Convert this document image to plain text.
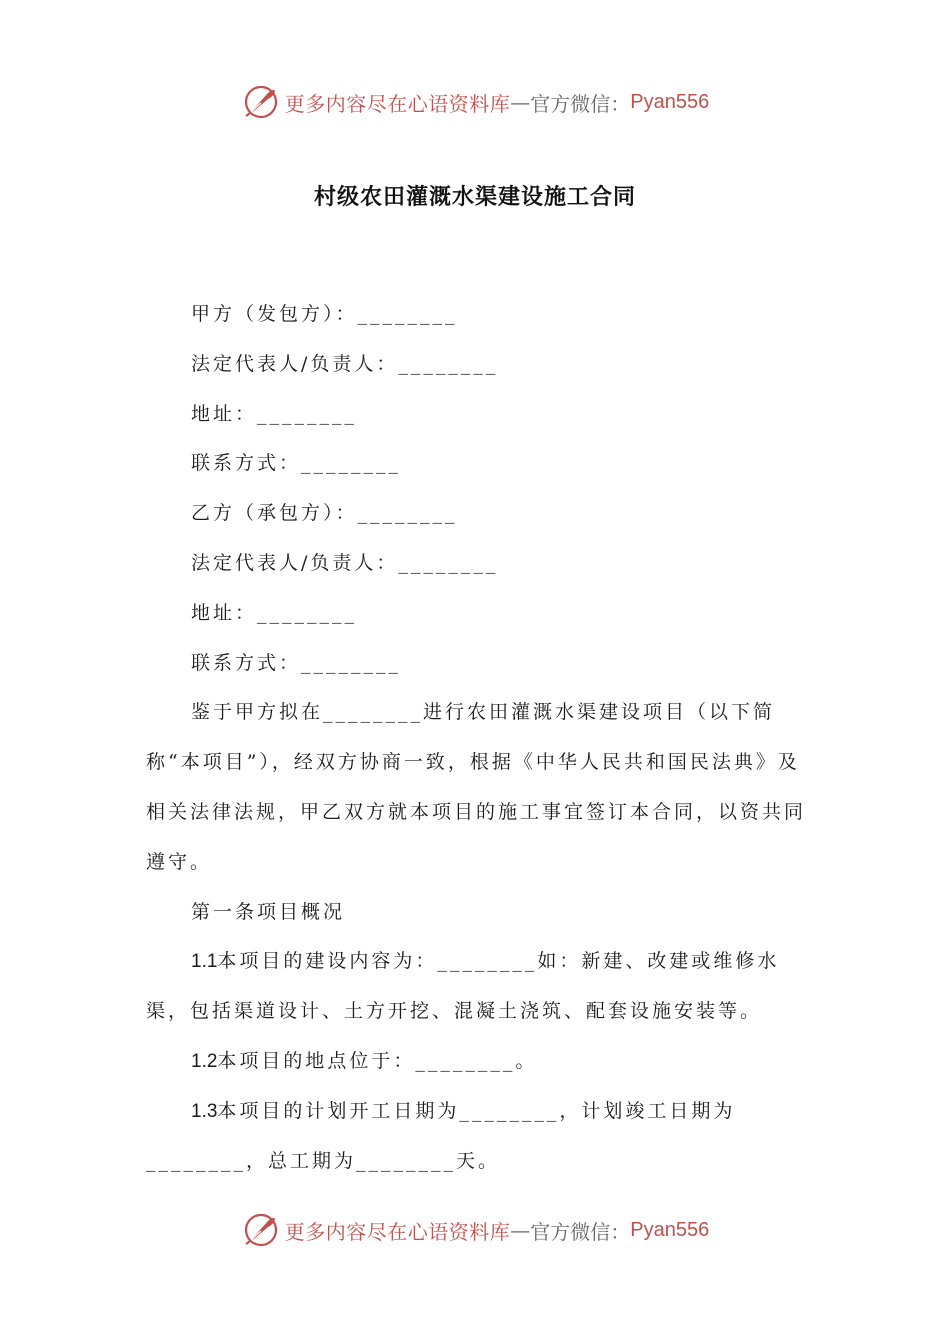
更多内容尽在心语资料库 — 官方微信： Pyan556
村级农田灌溉水渠建设施工合同

甲方（发包方）：________

法定代表人/负责人：________

地址：________

联系方式：________

乙方（承包方）：________

法定代表人/负责人：________

地址：________

联系方式：________

鉴于甲方拟在________进行农田灌溉水渠建设项目（以下简称“本项目”），经双方协商一致，根据《中华人民共和国民法典》及相关法律法规，甲乙双方就本项目的施工事宜签订本合同，以资共同遵守。

第一条项目概况

1.1本项目的建设内容为：________如：新建、改建或维修水渠，包括渠道设计、土方开挖、混凝土浇筑、配套设施安装等。

1.2本项目的地点位于：________。

1.3本项目的计划开工日期为________，计划竣工日期为________，总工期为________天。

更多内容尽在心语资料库 — 官方微信： Pyan556
